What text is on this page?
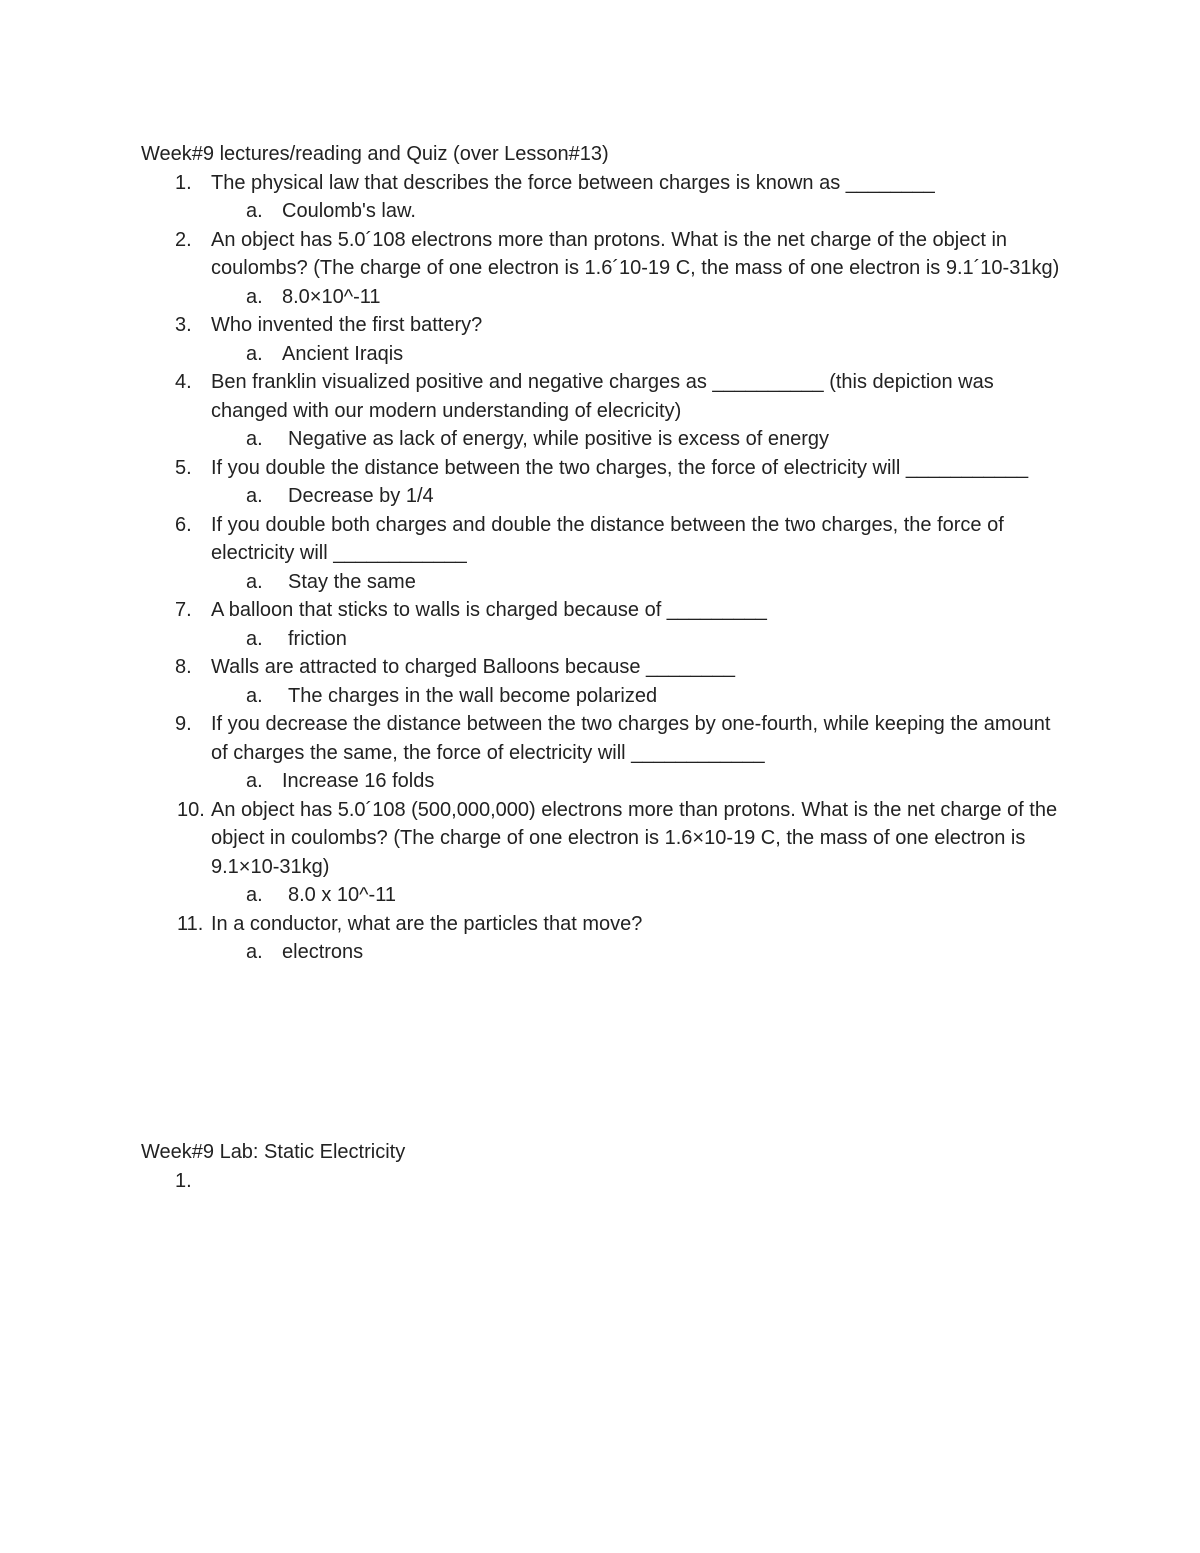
Week#9 lectures/reading and Quiz (over Lesson#13)
1. The physical law that describes the force between charges is known as ________
a. Coulomb's law.
2. An object has 5.0´108 electrons more than protons. What is the net charge of the object in coulombs? (The charge of one electron is 1.6´10-19 C, the mass of one electron is 9.1´10-31kg)
a. 8.0×10^-11
3. Who invented the first battery?
a. Ancient Iraqis
4. Ben franklin visualized positive and negative charges as __________ (this depiction was changed with our modern understanding of elecricity)
a. Negative as lack of energy, while positive is excess of energy
5. If you double the distance between the two charges, the force of electricity will ___________
a. Decrease by 1/4
6. If you double both charges and double the distance between the two charges, the force of electricity will ____________
a. Stay the same
7. A balloon that sticks to walls is charged because of _________
a. friction
8. Walls are attracted to charged Balloons because ________
a. The charges in the wall become polarized
9. If you decrease the distance between the two charges by one-fourth, while keeping the amount of charges the same, the force of electricity will ____________
a. Increase 16 folds
10. An object has 5.0´108 (500,000,000) electrons more than protons. What is the net charge of the object in coulombs? (The charge of one electron is 1.6×10-19 C, the mass of one electron is 9.1×10-31kg)
a. 8.0 x 10^-11
11. In a conductor, what are the particles that move?
a. electrons
Week#9 Lab: Static Electricity
1.
